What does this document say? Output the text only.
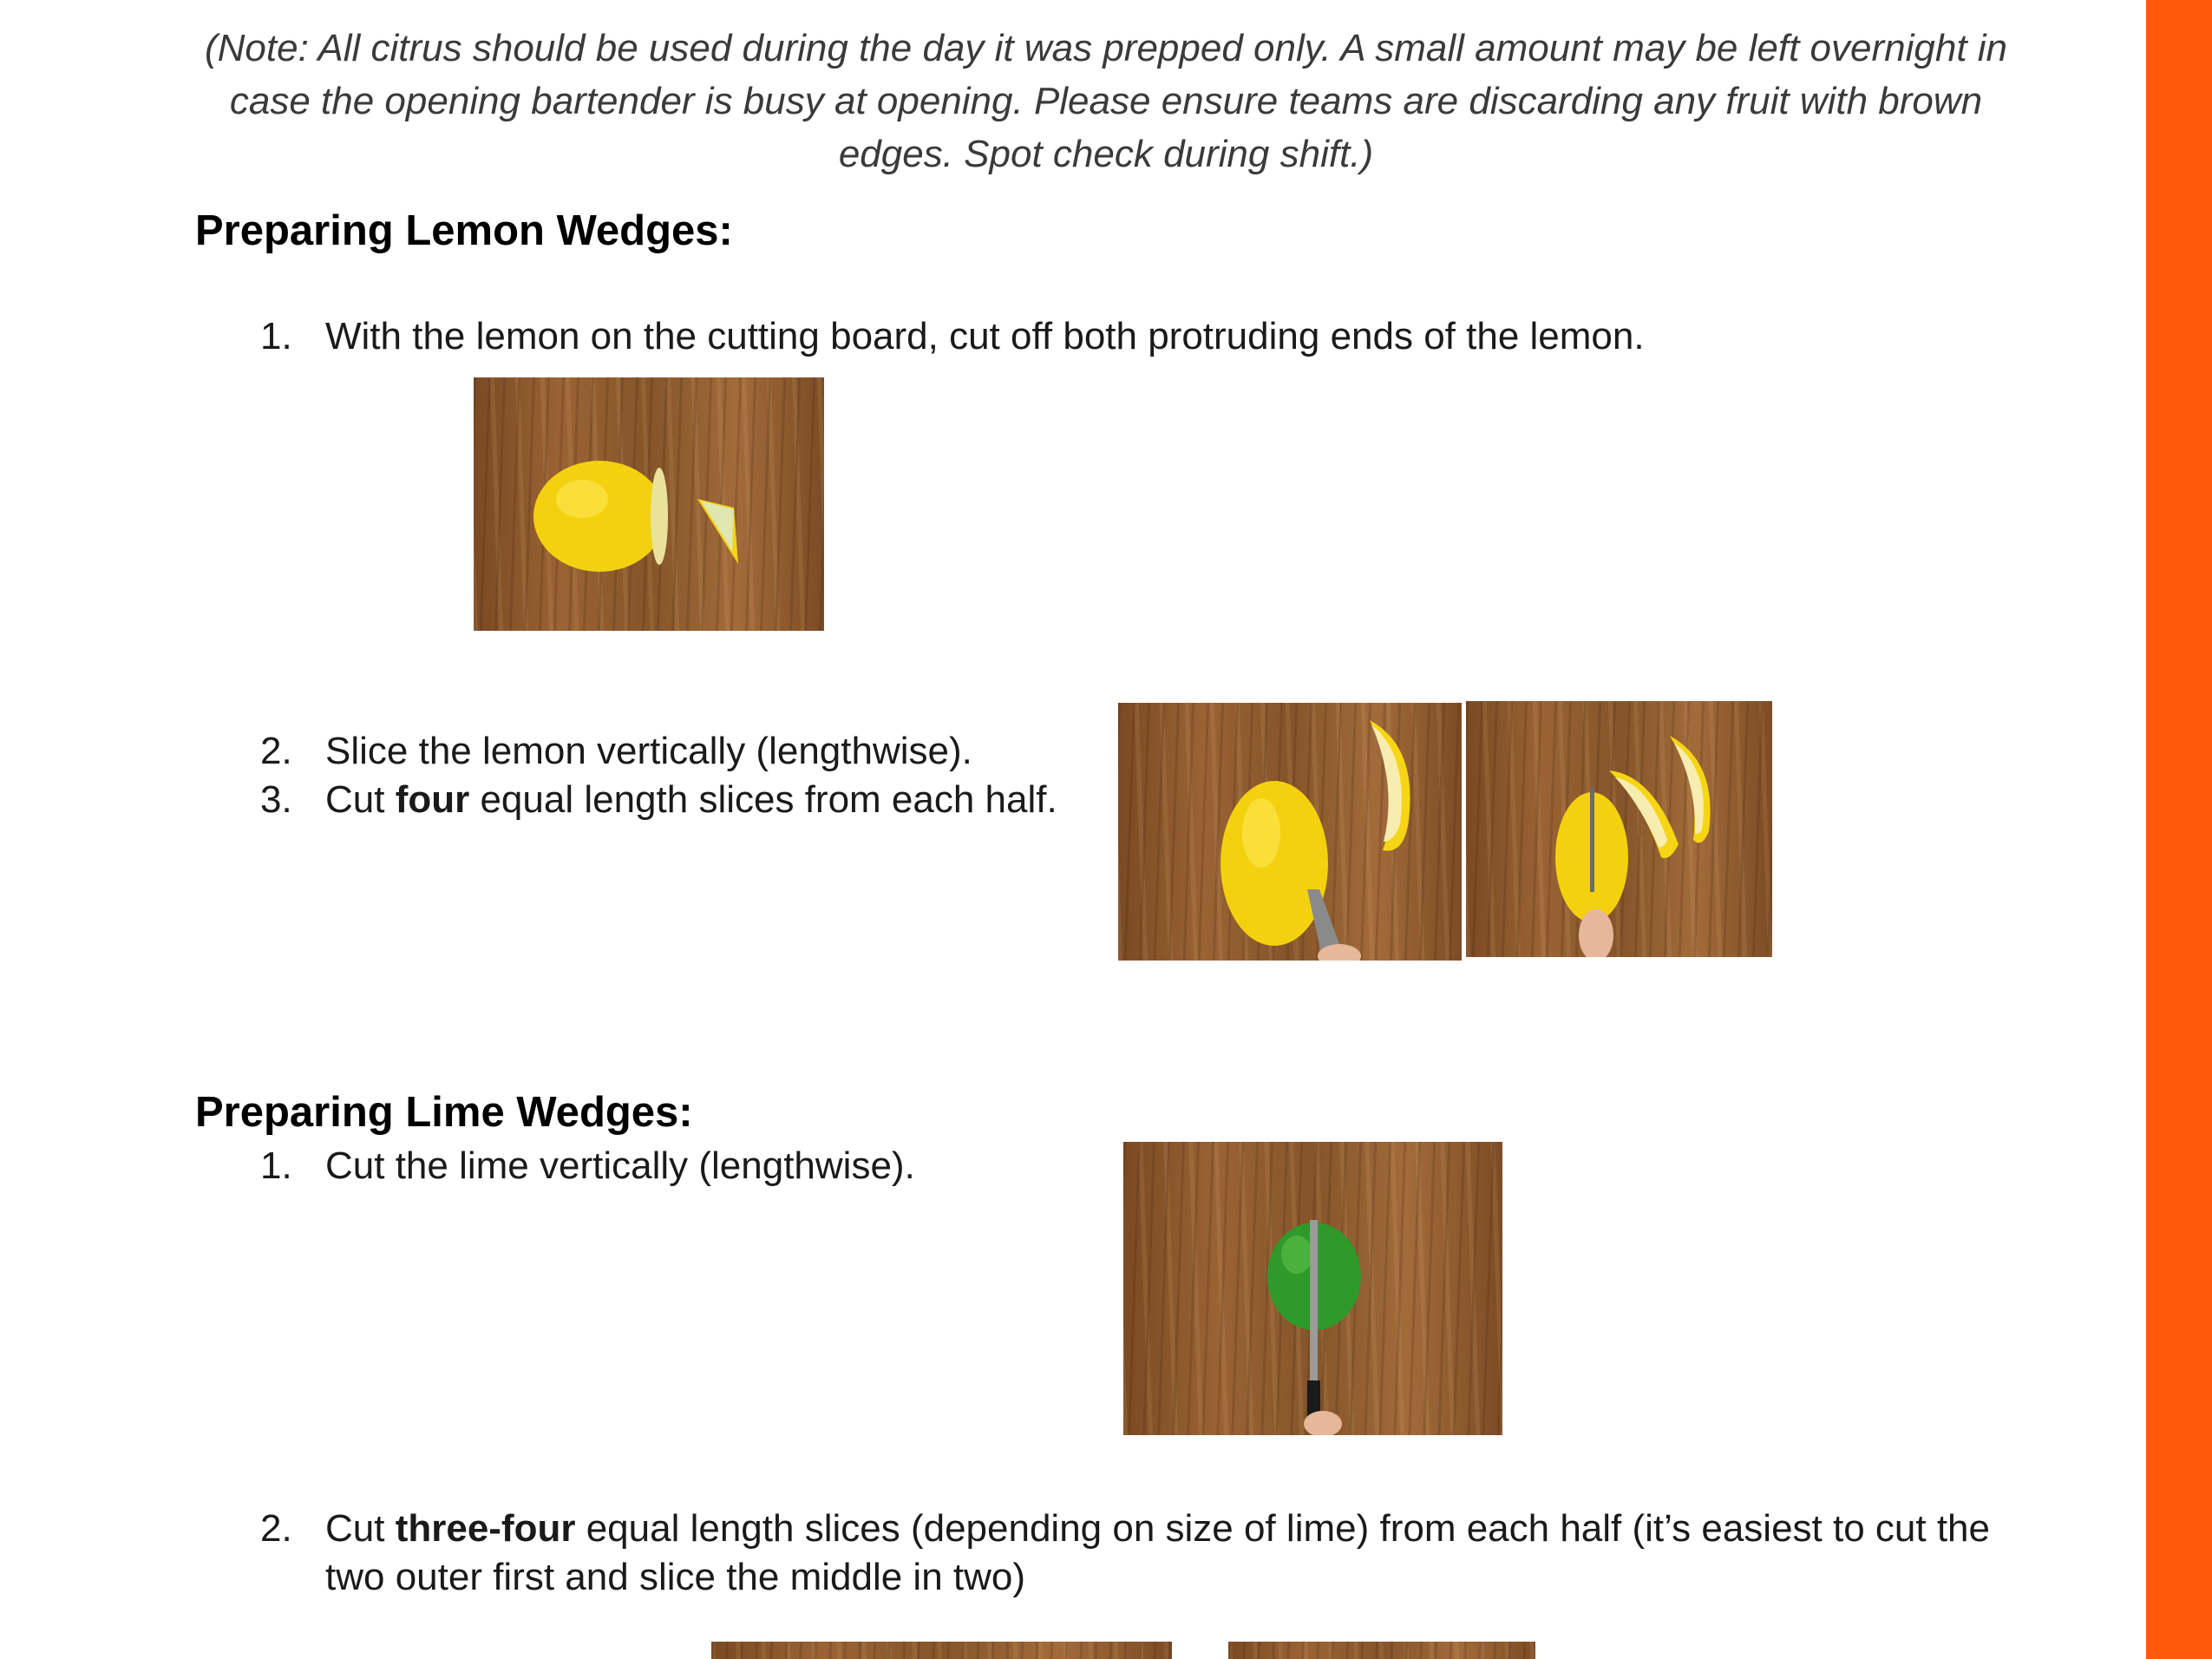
(Note: All citrus should be used during the day it was prepped only. A small amount may be left overnight in case the opening bartender is busy at opening. Please ensure teams are discarding any fruit with brown edges. Spot check during shift.)
Preparing Lemon Wedges:
1. With the lemon on the cutting board, cut off both protruding ends of the lemon.
2. Slice the lemon vertically (lengthwise).
3. Cut four equal length slices from each half.
Preparing Lime Wedges:
1. Cut the lime vertically (lengthwise).
2. Cut three-four equal length slices (depending on size of lime) from each half (it’s easiest to cut the two outer first and slice the middle in two)
